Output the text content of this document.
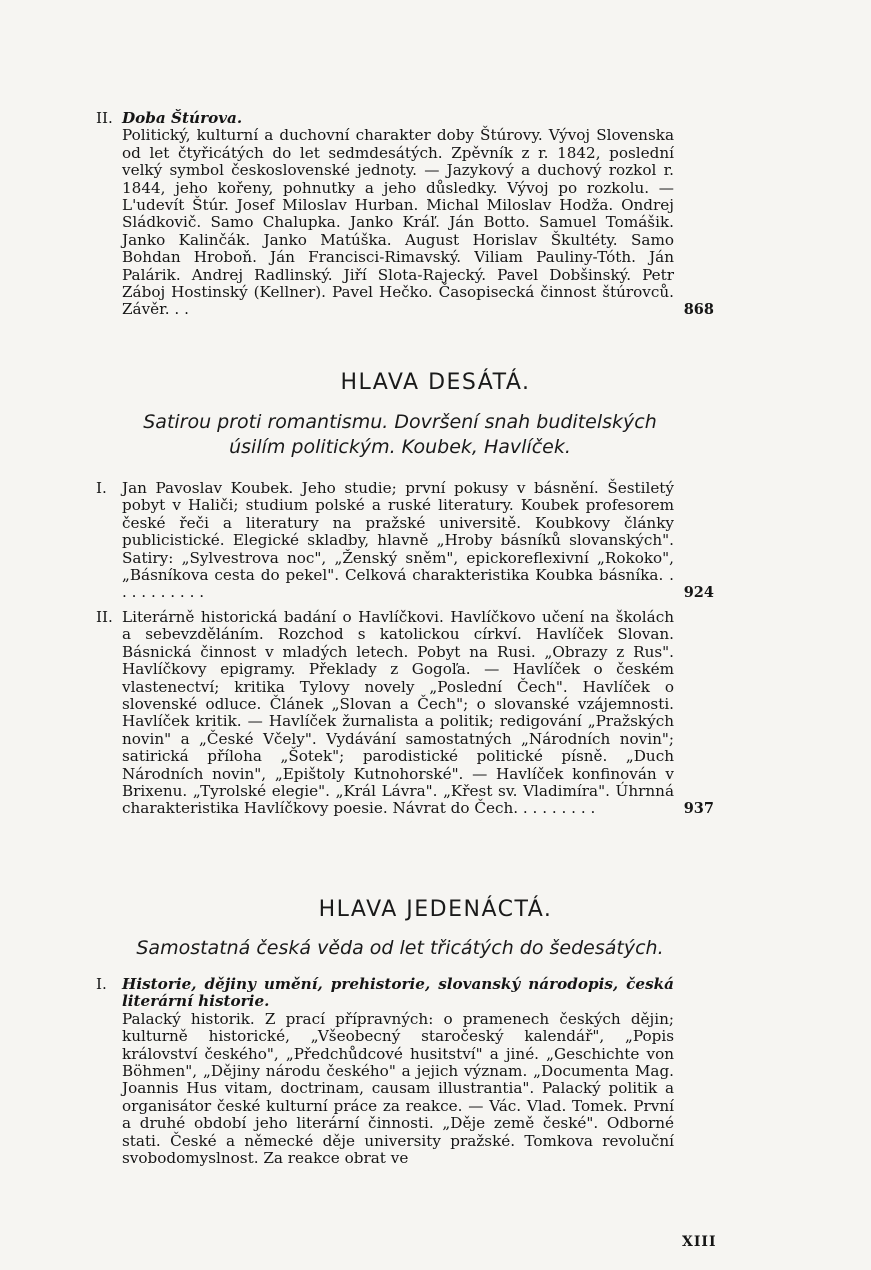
II. Doba Štúrova.
Politický, kulturní a duchovní charakter doby Štúrovy. Vývoj Slovenska od let čtyřicátých do let sedmdesátých. Zpěvník z r. 1842, poslední velký symbol československé jednoty. — Jazykový a duchový rozkol r. 1844, jeho kořeny, pohnutky a jeho důsledky. Vývoj po rozkolu. — L'udevít Štúr. Josef Miloslav Hurban. Michal Miloslav Hodža. Ondrej Sládkovič. Samo Chalupka. Janko Kráľ. Ján Botto. Samuel Tomášik. Janko Kalinčák. Janko Matúška. August Horislav Škultéty. Samo Bohdan Hroboň. Ján Francisci-Rimavský. Viliam Pauliny-Tóth. Ján Palárik. Andrej Radlinský. Jiří Slota-Rajecký. Pavel Dobšinský. Petr Záboj Hostinský (Kellner). Pavel Hečko. Časopisecká činnost štúrovců. Závěr. . .	868
HLAVA DESÁTÁ.
Satirou proti romantismu. Dovršení snah buditelských úsilím politickým. Koubek, Havlíček.
I. Jan Pavoslav Koubek. Jeho studie; první pokusy v básnění. Šestiletý pobyt v Haliči; studium polské a ruské literatury. Koubek profesorem české řeči a literatury na pražské universitě. Koubkovy články publicistické. Elegické skladby, hlavně „Hroby básníků slovanských". Satiry: „Sylvestrova noc", „Ženský sněm", epickoreflexivní „Rokoko", „Básníkova cesta do pekel". Celková charakteristika Koubka básníka. . . . . . . . . . .	924
II. Literárně historická badání o Havlíčkovi. Havlíčkovo učení na školách a sebevzděláním. Rozchod s katolickou církví. Havlíček Slovan. Básnická činnost v mladých letech. Pobyt na Rusi. „Obrazy z Rus". Havlíčkovy epigramy. Překlady z Gogoľa. — Havlíček o českém vlastenectví; kritika Tylovy novely „Poslední Čech". Havlíček o slovenské odluce. Článek „Slovan a Čech"; o slovanské vzájemnosti. Havlíček kritik. — Havlíček žurnalista a politik; redigování „Pražských novin" a „České Včely". Vydávání samostatných „Národních novin"; satirická příloha „Šotek"; parodistické politické písně. „Duch Národních novin", „Epištoly Kutnohorské". — Havlíček konfinován v Brixenu. „Tyrolské elegie". „Král Lávra". „Křest sv. Vladimíra". Úhrnná charakteristika Havlíčkovy poesie. Návrat do Čech. . . . . . . . .	937
HLAVA JEDENÁCTÁ.
Samostatná česká věda od let třicátých do šedesátých.
I. Historie, dějiny umění, prehistorie, slovanský národopis, česká literární historie.
Palacký historik. Z prací přípravných: o pramenech českých dějin; kulturně historické, „Všeobecný staročeský kalendář", „Popis království českého", „Předchůdcové husitství" a jiné. „Geschichte von Böhmen", „Dějiny národu českého" a jejich význam. „Documenta Mag. Joannis Hus vitam, doctrinam, causam illustrantia". Palacký politik a organisátor české kulturní práce za reakce. — Vác. Vlad. Tomek. První a druhé období jeho literární činnosti. „Děje země české". Odborné stati. České a německé děje university pražské. Tomkova revoluční svobodomyslnost. Za reakce obrat ve
XIII
